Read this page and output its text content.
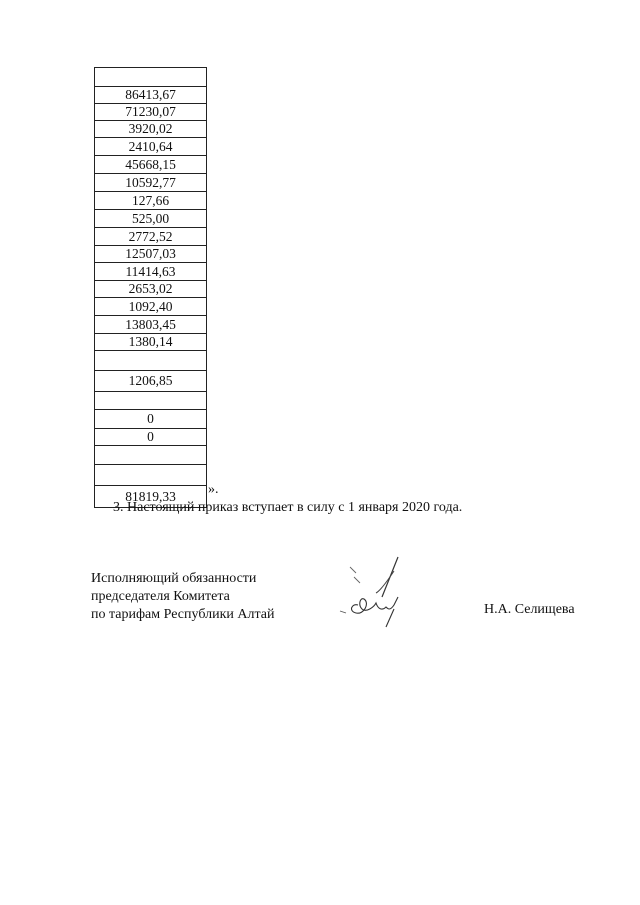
86413,67
71230,07
3920,02
2410,64
45668,15
10592,77
127,66
525,00
2772,52
12507,03
11414,63
2653,02
1092,40
13803,45
1380,14
1206,85
0
0
81819,33	».
3. Настоящий приказ вступает в силу с 1 января 2020 года.
Исполняющий обязанности
председателя Комитета
по тарифам Республики Алтай	Н.А. Селищева
